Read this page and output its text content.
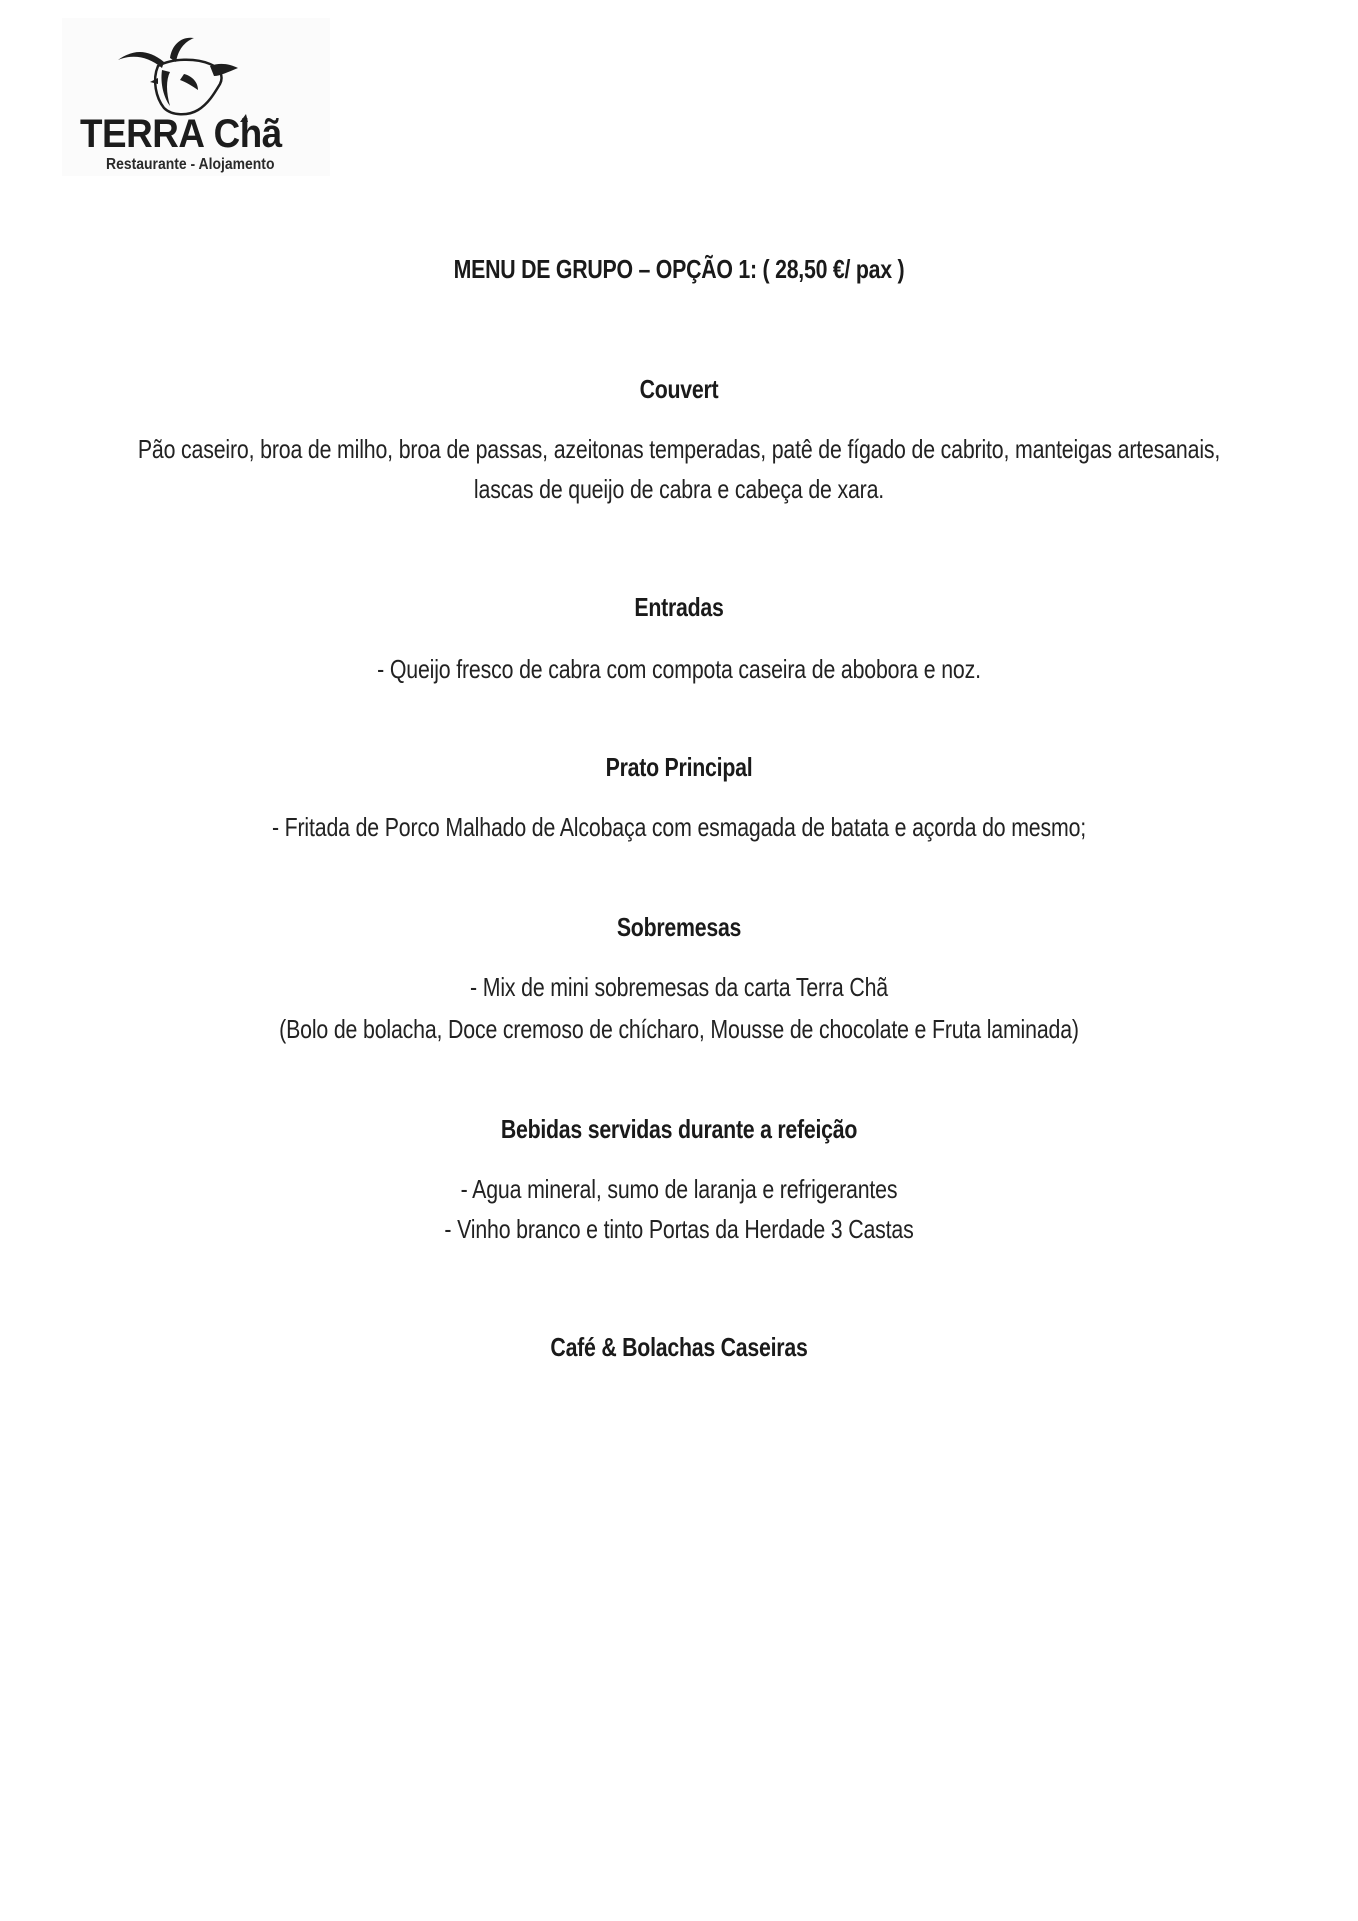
TERRA Chã
Restaurante - Alojamento
MENU DE GRUPO – OPÇÃO 1: ( 28,50 €/ pax )
Couvert
Pão caseiro, broa de milho, broa de passas, azeitonas temperadas, patê de fígado de cabrito, manteigas artesanais,
lascas de queijo de cabra e cabeça de xara.
Entradas
- Queijo fresco de cabra com compota caseira de abobora e noz.
Prato Principal
- Fritada de Porco Malhado de Alcobaça com esmagada de batata e açorda do mesmo;
Sobremesas
- Mix de mini sobremesas da carta Terra Chã
(Bolo de bolacha, Doce cremoso de chícharo, Mousse de chocolate e Fruta laminada)
Bebidas servidas durante a refeição
- Agua mineral, sumo de laranja e refrigerantes
- Vinho branco e tinto Portas da Herdade 3 Castas
Café & Bolachas Caseiras
